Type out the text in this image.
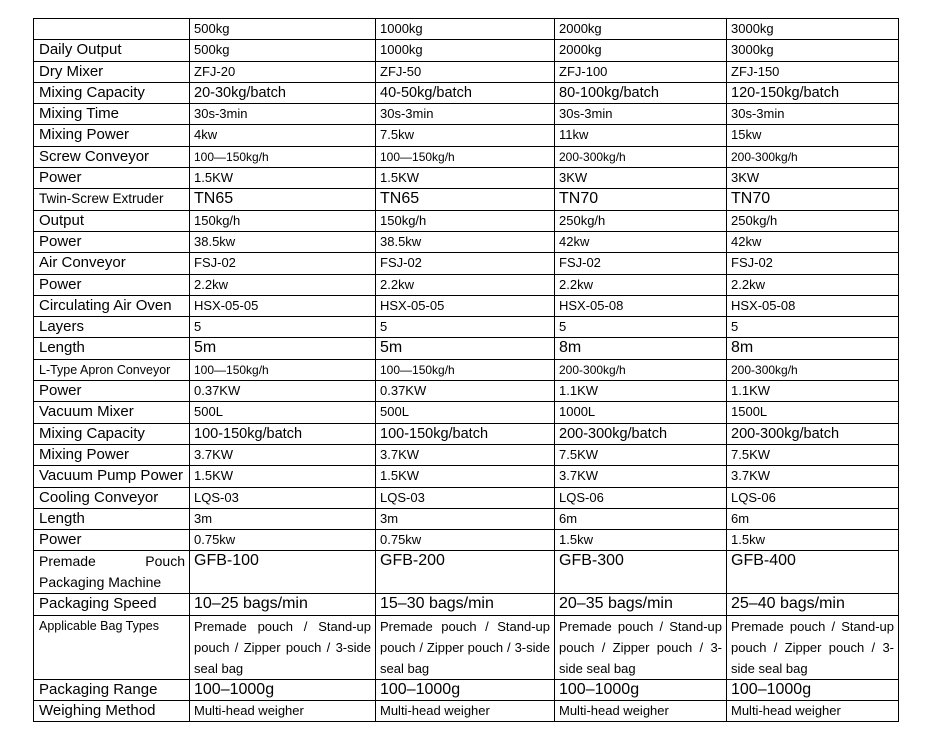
	500kg	1000kg	2000kg	3000kg
Daily Output	500kg	1000kg	2000kg	3000kg
Dry Mixer	ZFJ-20	ZFJ-50	ZFJ-100	ZFJ-150
Mixing Capacity	20-30kg/batch	40-50kg/batch	80-100kg/batch	120-150kg/batch
Mixing Time	30s-3min	30s-3min	30s-3min	30s-3min
Mixing Power	4kw	7.5kw	11kw	15kw
Screw Conveyor	100—150kg/h	100—150kg/h	200-300kg/h	200-300kg/h
Power	1.5KW	1.5KW	3KW	3KW
Twin-Screw Extruder	TN65	TN65	TN70	TN70
Output	150kg/h	150kg/h	250kg/h	250kg/h
Power	38.5kw	38.5kw	42kw	42kw
Air Conveyor	FSJ-02	FSJ-02	FSJ-02	FSJ-02
Power	2.2kw	2.2kw	2.2kw	2.2kw
Circulating Air Oven	HSX-05-05	HSX-05-05	HSX-05-08	HSX-05-08
Layers	5	5	5	5
Length	5m	5m	8m	8m
L-Type Apron Conveyor	100—150kg/h	100—150kg/h	200-300kg/h	200-300kg/h
Power	0.37KW	0.37KW	1.1KW	1.1KW
Vacuum Mixer	500L	500L	1000L	1500L
Mixing Capacity	100-150kg/batch	100-150kg/batch	200-300kg/batch	200-300kg/batch
Mixing Power	3.7KW	3.7KW	7.5KW	7.5KW
Vacuum Pump Power	1.5KW	1.5KW	3.7KW	3.7KW
Cooling Conveyor	LQS-03	LQS-03	LQS-06	LQS-06
Length	3m	3m	6m	6m
Power	0.75kw	0.75kw	1.5kw	1.5kw
Premade Pouch Packaging Machine	GFB-100	GFB-200	GFB-300	GFB-400
Packaging Speed	10–25 bags/min	15–30 bags/min	20–35 bags/min	25–40 bags/min
Applicable Bag Types	Premade pouch / Stand-up pouch / Zipper pouch / 3-side seal bag	Premade pouch / Stand-up pouch / Zipper pouch / 3-side seal bag	Premade pouch / Stand-up pouch / Zipper pouch / 3-side seal bag	Premade pouch / Stand-up pouch / Zipper pouch / 3-side seal bag
Packaging Range	100–1000g	100–1000g	100–1000g	100–1000g
Weighing Method	Multi-head weigher	Multi-head weigher	Multi-head weigher	Multi-head weigher
